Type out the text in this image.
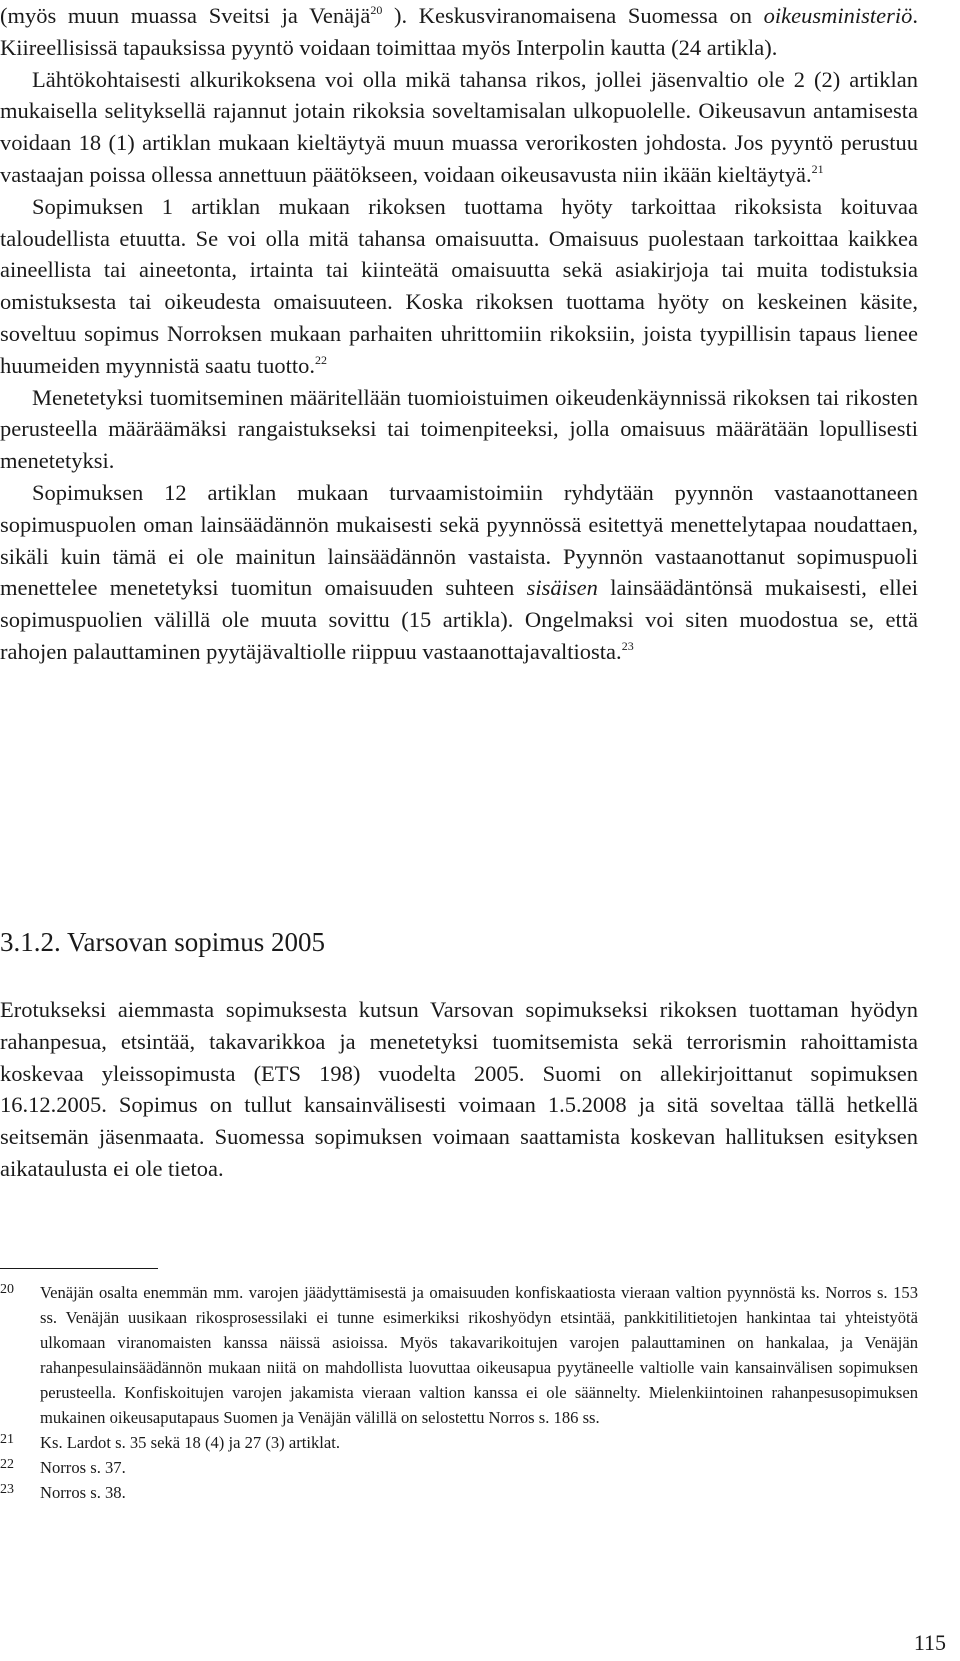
(myös muun muassa Sveitsi ja Venäjä$^{20}$ ). Keskusviranomaisena Suomessa on oikeusministeriö. Kiireellisissä tapauksissa pyyntö voidaan toimittaa myös Interpolin kautta (24 artikla).

Lähtökohtaisesti alkurikoksena voi olla mikä tahansa rikos, jollei jäsenvaltio ole 2 (2) artiklan mukaisella selityksellä rajannut jotain rikoksia soveltamisalan ulkopuolelle. Oikeusavun antamisesta voidaan 18 (1) artiklan mukaan kieltäytyä muun muassa verorikosten johdosta. Jos pyyntö perustuu vastaajan poissa ollessa annettuun päätökseen, voidaan oikeusavusta niin ikään kieltäytyä.$^{21}$

Sopimuksen 1 artiklan mukaan rikoksen tuottama hyöty tarkoittaa rikoksista koituvaa taloudellista etuutta. Se voi olla mitä tahansa omaisuutta. Omaisuus puolestaan tarkoittaa kaikkea aineellista tai aineetonta, irtainta tai kiinteätä omaisuutta sekä asiakirjoja tai muita todistuksia omistuksesta tai oikeudesta omaisuuteen. Koska rikoksen tuottama hyöty on keskeinen käsite, soveltuu sopimus Norroksen mukaan parhaiten uhrittomiin rikoksiin, joista tyypillisin tapaus lienee huumeiden myynnistä saatu tuotto.$^{22}$

Menetetyksi tuomitseminen määritellään tuomioistuimen oikeudenkäynnissä rikoksen tai rikosten perusteella määräämäksi rangaistukseksi tai toimenpiteeksi, jolla omaisuus määrätään lopullisesti menetetyksi.

Sopimuksen 12 artiklan mukaan turvaamistoimiin ryhdytään pyynnön vastaanottaneen sopimuspuolen oman lainsäädännön mukaisesti sekä pyynnössä esitettyä menettelytapaa noudattaen, sikäli kuin tämä ei ole mainitun lainsäädännön vastaista. Pyynnön vastaanottanut sopimuspuoli menettelee menetetyksi tuomitun omaisuuden suhteen sisäisen lainsäädäntönsä mukaisesti, ellei sopimuspuolien välillä ole muuta sovittu (15 artikla). Ongelmaksi voi siten muodostua se, että rahojen palauttaminen pyytäjävaltiolle riippuu vastaanottajavaltiosta.$^{23}$

3.1.2. Varsovan sopimus 2005

Erotukseksi aiemmasta sopimuksesta kutsun Varsovan sopimukseksi rikoksen tuottaman hyödyn rahanpesua, etsintää, takavarikkoa ja menetetyksi tuomitsemista sekä terrorismin rahoittamista koskevaa yleissopimusta (ETS 198) vuodelta 2005. Suomi on allekirjoittanut sopimuksen 16.12.2005. Sopimus on tullut kansainvälisesti voimaan 1.5.2008 ja sitä soveltaa tällä hetkellä seitsemän jäsenmaata. Suomessa sopimuksen voimaan saattamista koskevan hallituksen esityksen aikataulusta ei ole tietoa.

20 Venäjän osalta enemmän mm. varojen jäädyttämisestä ja omaisuuden konfiskaatiosta vieraan valtion pyynnöstä ks. Norros s. 153 ss. Venäjän uusikaan rikosprosessilaki ei tunne esimerkiksi rikoshyödyn etsintää, pankkitilitietojen hankintaa tai yhteistyötä ulkomaan viranomaisten kanssa näissä asioissa. Myös takavarikoitujen varojen palauttaminen on hankalaa, ja Venäjän rahanpesulainsäädännön mukaan niitä on mahdollista luovuttaa oikeusapua pyytäneelle valtiolle vain kansainvälisen sopimuksen perusteella. Konfiskoitujen varojen jakamista vieraan valtion kanssa ei ole säännelty. Mielenkiintoinen rahanpesusopimuksen mukainen oikeusaputapaus Suomen ja Venäjän välillä on selostettu Norros s. 186 ss.
21 Ks. Lardot s. 35 sekä 18 (4) ja 27 (3) artiklat.
22 Norros s. 37.
23 Norros s. 38.
115
